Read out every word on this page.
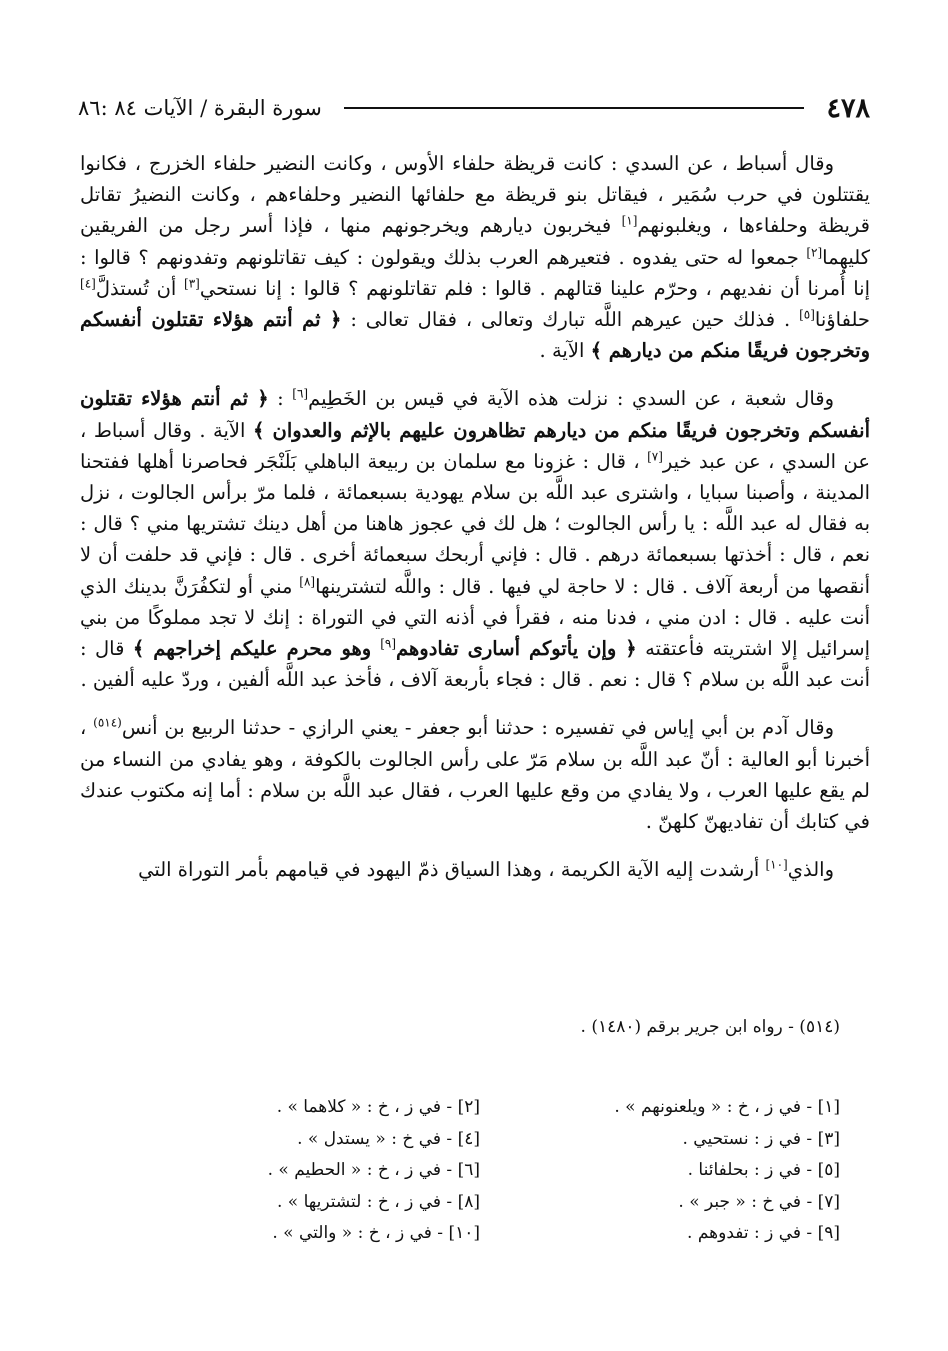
٤٧٨
سورة البقرة / الآيات ٨٤ :٨٦

وقال أسباط ، عن السدي : كانت قريظة حلفاء الأوس ، وكانت النضير حلفاء الخزرج ، فكانوا يقتتلون في حرب سُمَير ، فيقاتل بنو قريظة مع حلفائها النضير وحلفاءهم ، وكانت النضيرُ تقاتل قريظة وحلفاءها ، ويغلبونهم[١] فيخربون ديارهم ويخرجونهم منها ، فإذا أسر رجل من الفريقين كليهما[٢] جمعوا له حتى يفدوه . فتعيرهم العرب بذلك ويقولون : كيف تقاتلونهم وتفدونهم ؟ قالوا : إنا أُمرنا أن نفديهم ، وحرّم علينا قتالهم . قالوا : فلم تقاتلونهم ؟ قالوا : إنا نستحي[٣] أن تُستذلَّ[٤] حلفاؤنا[٥] . فذلك حين عيرهم اللَّه تبارك وتعالى ، فقال تعالى : ﴿ ثم أنتم هؤلاء تقتلون أنفسكم وتخرجون فريقًا منكم من ديارهم ﴾ الآية .

وقال شعبة ، عن السدي : نزلت هذه الآية في قيس بن الخَطِيم[٦] : ﴿ ثم أنتم هؤلاء تقتلون أنفسكم وتخرجون فريقًا منكم من ديارهم تظاهرون عليهم بالإثم والعدوان ﴾ الآية . وقال أسباط ، عن السدي ، عن عبد خير[٧] ، قال : غزونا مع سلمان بن ربيعة الباهلي بَلَنْجَر فحاصرنا أهلها ففتحنا المدينة ، وأصبنا سبايا ، واشترى عبد اللَّه بن سلام يهودية بسبعمائة ، فلما مرّ برأس الجالوت ، نزل به فقال له عبد اللَّه : يا رأس الجالوت ؛ هل لك في عجوز هاهنا من أهل دينك تشتريها مني ؟ قال : نعم ، قال : أخذتها بسبعمائة درهم . قال : فإني أربحك سبعمائة أخرى . قال : فإني قد حلفت أن لا أنقصها من أربعة آلاف . قال : لا حاجة لي فيها . قال : واللَّه لتشترينها[٨] مني أو لتكفُرَنَّ بدينك الذي أنت عليه . قال : ادن مني ، فدنا منه ، فقرأ في أذنه التي في التوراة : إنك لا تجد مملوكًا من بني إسرائيل إلا اشتريته فأعتقته ﴿ وإن يأتوكم أسارى تفادوهم[٩] وهو محرم عليكم إخراجهم ﴾ قال : أنت عبد اللَّه بن سلام ؟ قال : نعم . قال : فجاء بأربعة آلاف ، فأخذ عبد اللَّه ألفين ، وردّ عليه ألفين .

وقال آدم بن أبي إياس في تفسيره : حدثنا أبو جعفر - يعني الرازي - حدثنا الربيع بن أنس$^{(٥١٤)}$ ، أخبرنا أبو العالية : أنّ عبد اللَّه بن سلام مَرّ على رأس الجالوت بالكوفة ، وهو يفادي من النساء من لم يقع عليها العرب ، ولا يفادي من وقع عليها العرب ، فقال عبد اللَّه بن سلام : أما إنه مكتوب عندك في كتابك أن تفاديهنّ كلهنّ .

والذي[١٠] أرشدت إليه الآية الكريمة ، وهذا السياق ذمّ اليهود في قيامهم بأمر التوراة التي

(٥١٤) - رواه ابن جرير برقم (١٤٨٠) .
[١] - في ز ، خ : « ويلعنونهم » .
[٢] - في ز ، خ : « كلاهما » .
[٣] - في ز : نستحيي .
[٤] - في خ : « يستدل » .
[٥] - في ز : بحلفائنا .
[٦] - في ز ، خ : « الحطيم » .
[٧] - في خ : « جبر » .
[٨] - في ز ، خ : لتشتريها » .
[٩] - في ز : تفدوهم .
[١٠] - في ز ، خ : « والتي » .
